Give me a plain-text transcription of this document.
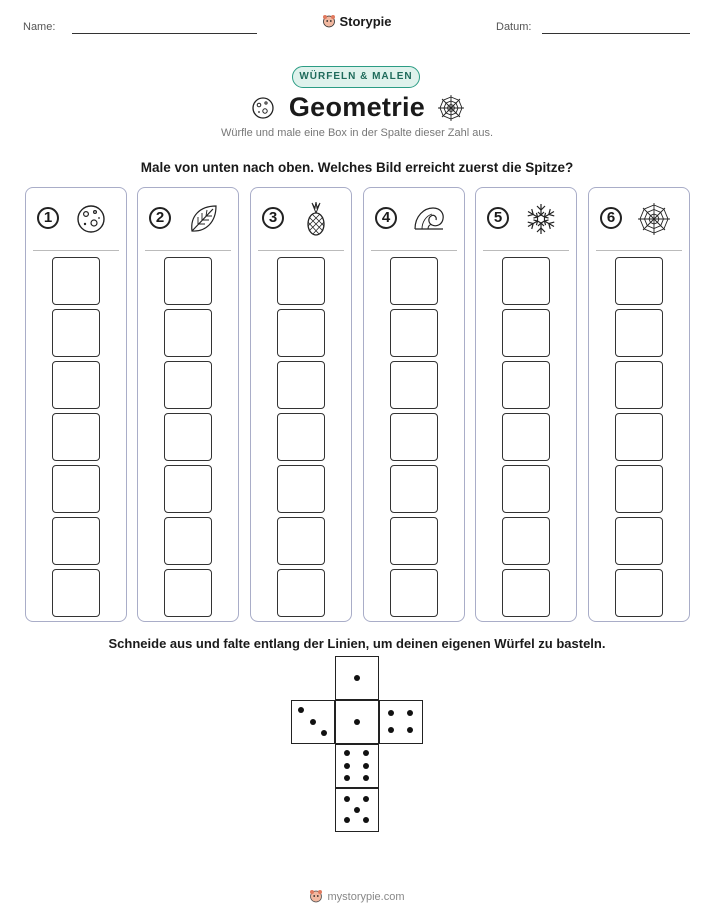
Name:	Storypie	Datum:
WÜRFELN & MALEN
Geometrie
Würfle und male eine Box in der Spalte dieser Zahl aus.
Male von unten nach oben. Welches Bild erreicht zuerst die Spitze?
1	2	3	4	5	6
Schneide aus und falte entlang der Linien, um deinen eigenen Würfel zu basteln.
mystorypie.com
